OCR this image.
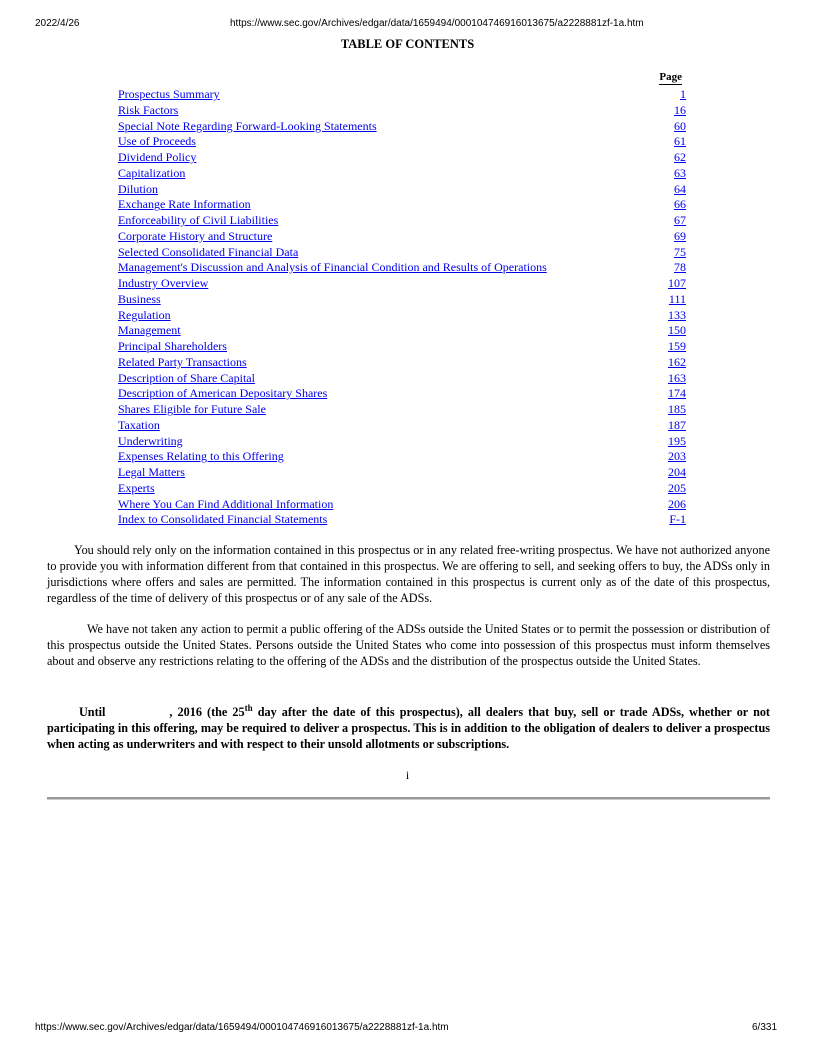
2022/4/26	https://www.sec.gov/Archives/edgar/data/1659494/000104746916013675/a2228881zf-1a.htm
TABLE OF CONTENTS
Page
Prospectus Summary	1
Risk Factors	16
Special Note Regarding Forward-Looking Statements	60
Use of Proceeds	61
Dividend Policy	62
Capitalization	63
Dilution	64
Exchange Rate Information	66
Enforceability of Civil Liabilities	67
Corporate History and Structure	69
Selected Consolidated Financial Data	75
Management's Discussion and Analysis of Financial Condition and Results of Operations	78
Industry Overview	107
Business	111
Regulation	133
Management	150
Principal Shareholders	159
Related Party Transactions	162
Description of Share Capital	163
Description of American Depositary Shares	174
Shares Eligible for Future Sale	185
Taxation	187
Underwriting	195
Expenses Relating to this Offering	203
Legal Matters	204
Experts	205
Where You Can Find Additional Information	206
Index to Consolidated Financial Statements	F-1
You should rely only on the information contained in this prospectus or in any related free-writing prospectus. We have not authorized anyone to provide you with information different from that contained in this prospectus. We are offering to sell, and seeking offers to buy, the ADSs only in jurisdictions where offers and sales are permitted. The information contained in this prospectus is current only as of the date of this prospectus, regardless of the time of delivery of this prospectus or of any sale of the ADSs.
We have not taken any action to permit a public offering of the ADSs outside the United States or to permit the possession or distribution of this prospectus outside the United States. Persons outside the United States who come into possession of this prospectus must inform themselves about and observe any restrictions relating to the offering of the ADSs and the distribution of the prospectus outside the United States.
Until	, 2016 (the 25th day after the date of this prospectus), all dealers that buy, sell or trade ADSs, whether or not participating in this offering, may be required to deliver a prospectus. This is in addition to the obligation of dealers to deliver a prospectus when acting as underwriters and with respect to their unsold allotments or subscriptions.
i
https://www.sec.gov/Archives/edgar/data/1659494/000104746916013675/a2228881zf-1a.htm	6/331
